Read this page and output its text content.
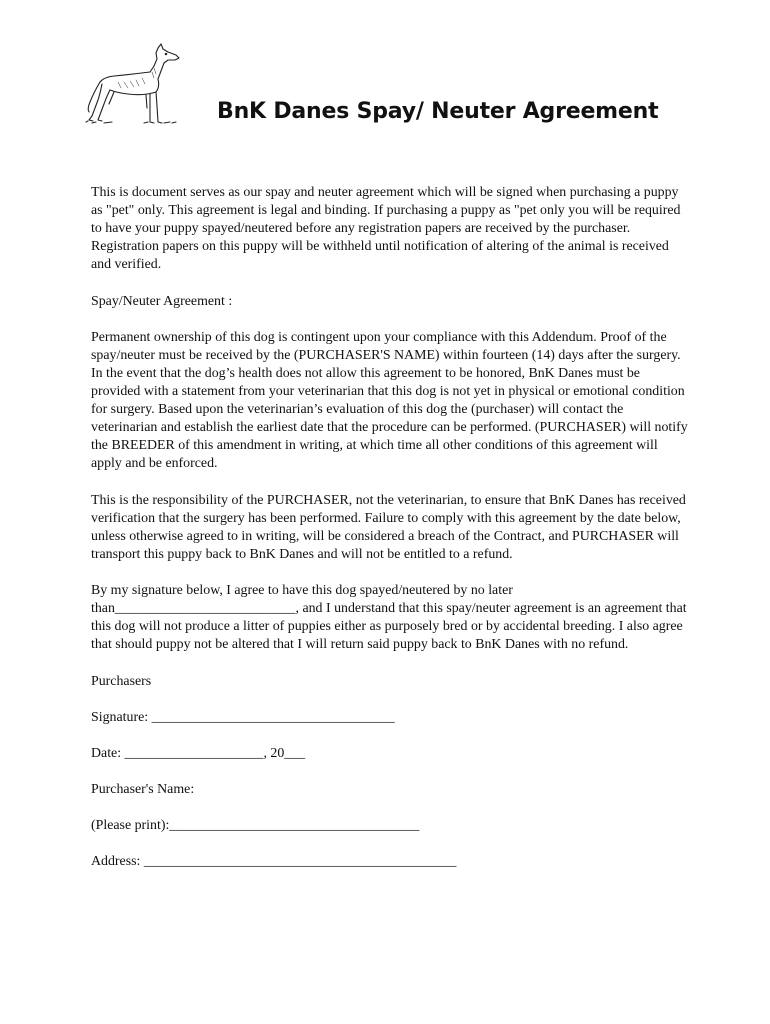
BnK Danes Spay/ Neuter Agreement

This is document serves as our spay and neuter agreement which will be signed when purchasing a puppy as "pet" only. This agreement is legal and binding. If purchasing a puppy as "pet only you will be required to have your puppy spayed/neutered before any registration papers are received by the purchaser. Registration papers on this puppy will be withheld until notification of altering of the animal is received and verified.

Spay/Neuter Agreement :

Permanent ownership of this dog is contingent upon your compliance with this Addendum. Proof of the spay/neuter must be received by the (PURCHASER'S NAME) within fourteen (14) days after the surgery. In the event that the dog’s health does not allow this agreement to be honored, BnK Danes must be provided with a statement from your veterinarian that this dog is not yet in physical or emotional condition for surgery. Based upon the veterinarian’s evaluation of this dog the (purchaser) will contact the veterinarian and establish the earliest date that the procedure can be performed. (PURCHASER) will notify the BREEDER of this amendment in writing, at which time all other conditions of this agreement will apply and be enforced.

This is the responsibility of the PURCHASER, not the veterinarian, to ensure that BnK Danes has received verification that the surgery has been performed. Failure to comply with this agreement by the date below, unless otherwise agreed to in writing, will be considered a breach of the Contract, and PURCHASER will transport this puppy back to BnK Danes and will not be entitled to a refund.

By my signature below, I agree to have this dog spayed/neutered by no later
than__________________________, and I understand that this spay/neuter agreement is an agreement that this dog will not produce a litter of puppies either as purposely bred or by accidental breeding. I also agree that should puppy not be altered that I will return said puppy back to BnK Danes with no refund.

Purchasers

Signature: ___________________________________
Date: ____________________, 20___
Purchaser's Name:
(Please print):____________________________________
Address: _____________________________________________
